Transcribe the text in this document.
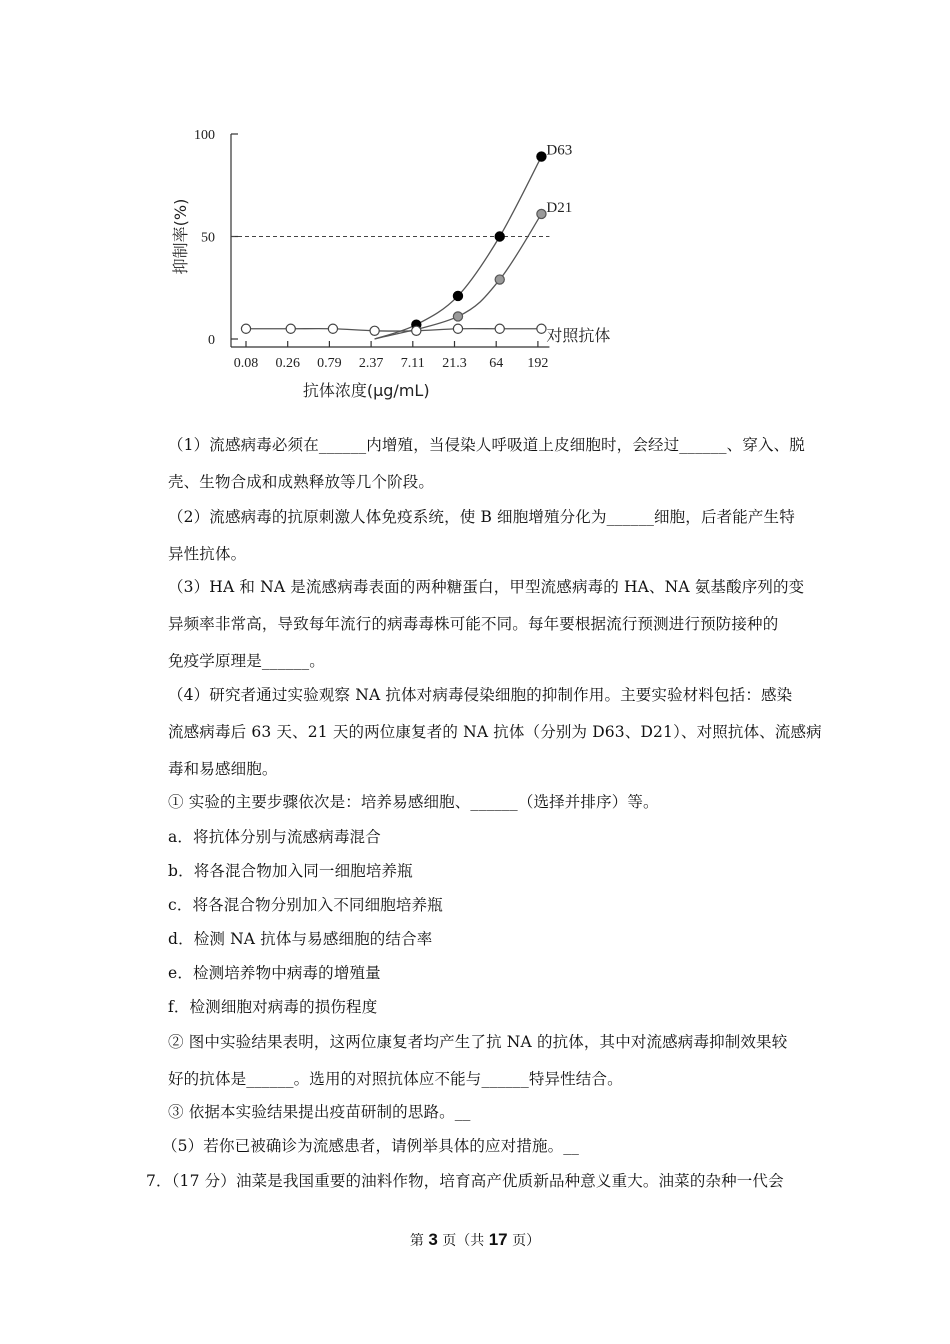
100
50
0
0.08 0.26 0.79 2.37 7.11 21.3 64 192
抑制率(%)
抗体浓度(μg/mL)
D63
D21
对照抗体
（1）流感病毒必须在______内增殖，当侵染人呼吸道上皮细胞时，会经过______、穿入、脱
壳、生物合成和成熟释放等几个阶段。
（2）流感病毒的抗原刺激人体免疫系统，使 B 细胞增殖分化为______细胞，后者能产生特
异性抗体。
（3）HA 和 NA 是流感病毒表面的两种糖蛋白，甲型流感病毒的 HA、NA 氨基酸序列的变
异频率非常高，导致每年流行的病毒毒株可能不同。每年要根据流行预测进行预防接种的
免疫学原理是______。
（4）研究者通过实验观察 NA 抗体对病毒侵染细胞的抑制作用。主要实验材料包括：感染
流感病毒后 63 天、21 天的两位康复者的 NA 抗体（分别为 D63、D21）、对照抗体、流感病
毒和易感细胞。
① 实验的主要步骤依次是：培养易感细胞、______（选择并排序）等。
a．将抗体分别与流感病毒混合
b．将各混合物加入同一细胞培养瓶
c．将各混合物分别加入不同细胞培养瓶
d．检测 NA 抗体与易感细胞的结合率
e．检测培养物中病毒的增殖量
f．检测细胞对病毒的损伤程度
② 图中实验结果表明，这两位康复者均产生了抗 NA 的抗体，其中对流感病毒抑制效果较
好的抗体是______。选用的对照抗体应不能与______特异性结合。
③ 依据本实验结果提出疫苗研制的思路。__
（5）若你已被确诊为流感患者，请例举具体的应对措施。__
7．（17 分）油菜是我国重要的油料作物，培育高产优质新品种意义重大。油菜的杂种一代会
第 3 页（共 17 页）
